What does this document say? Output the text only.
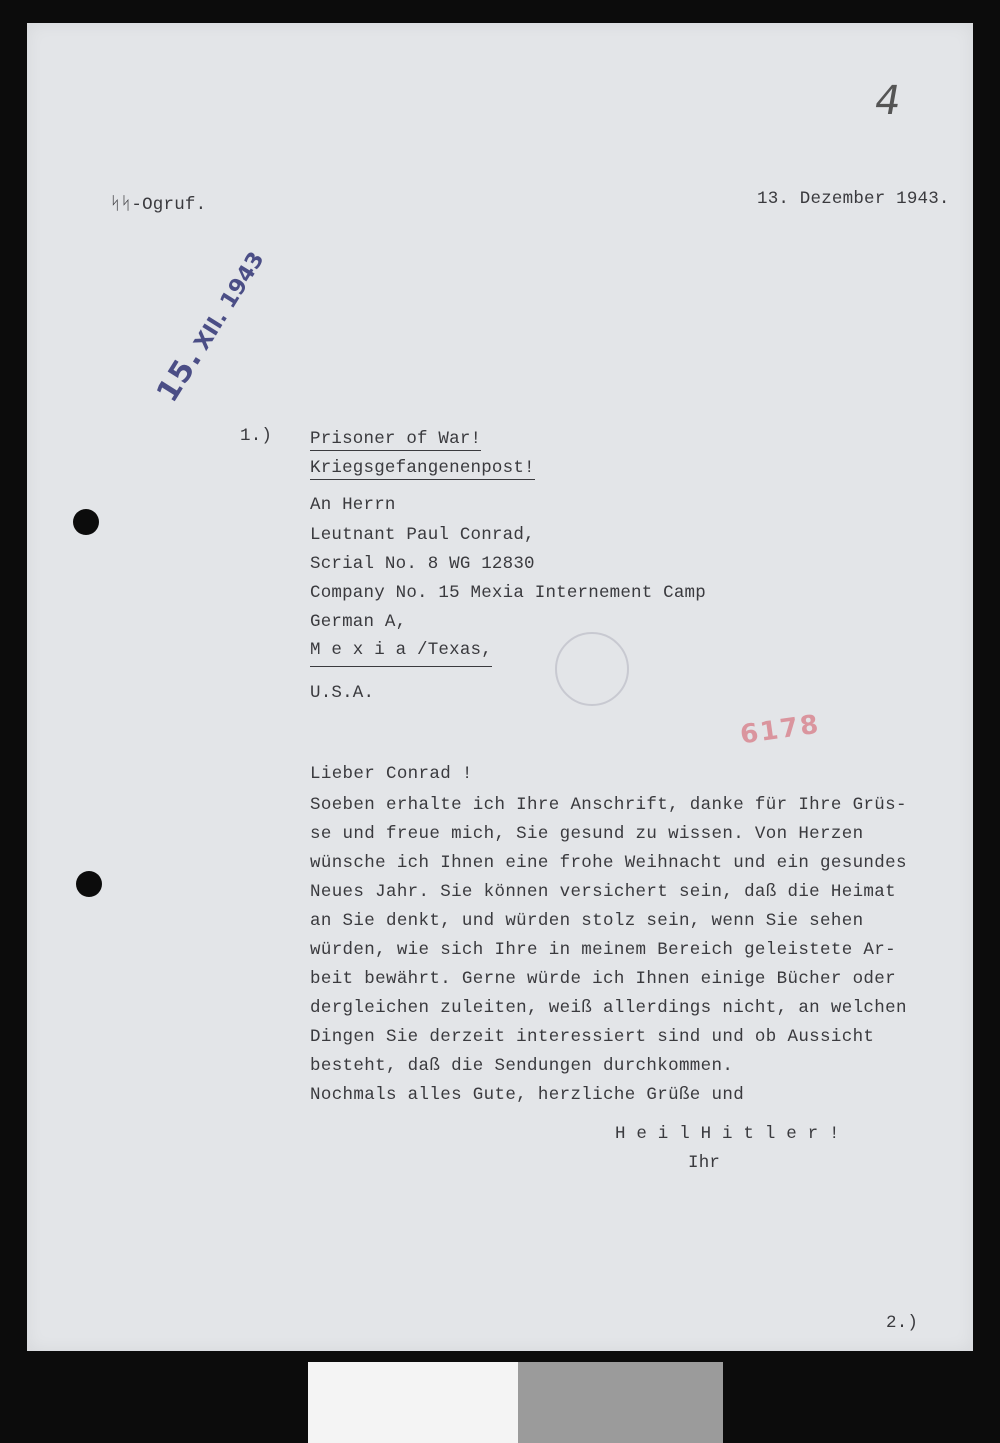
ᛋᛋ-Ogruf.	13. Dezember 1943.

4
15.XII. 1943

1.) Prisoner of War!

Kriegsgefangenenpost!

An Herrn

Leutnant Paul Conrad,

Scrial No. 8 WG 12830

Company No. 15 Mexia Internement Camp

German A,

M e x i a /Texas,

U.S.A.

6178

Lieber Conrad !

Soeben erhalte ich Ihre Anschrift, danke für Ihre Grüs-

se und freue mich, Sie gesund zu wissen. Von Herzen

wünsche ich Ihnen eine frohe Weihnacht und ein gesundes

Neues Jahr. Sie können versichert sein, daß die Heimat

an Sie denkt, und würden stolz sein, wenn Sie sehen

würden, wie sich Ihre in meinem Bereich geleistete Ar-

beit bewährt. Gerne würde ich Ihnen einige Bücher oder

dergleichen zuleiten, weiß allerdings nicht, an welchen

Dingen Sie derzeit interessiert sind und ob Aussicht

besteht, daß die Sendungen durchkommen.

Nochmals alles Gute, herzliche Grüße und

H e i l H i t l e r !

Ihr

2.)
